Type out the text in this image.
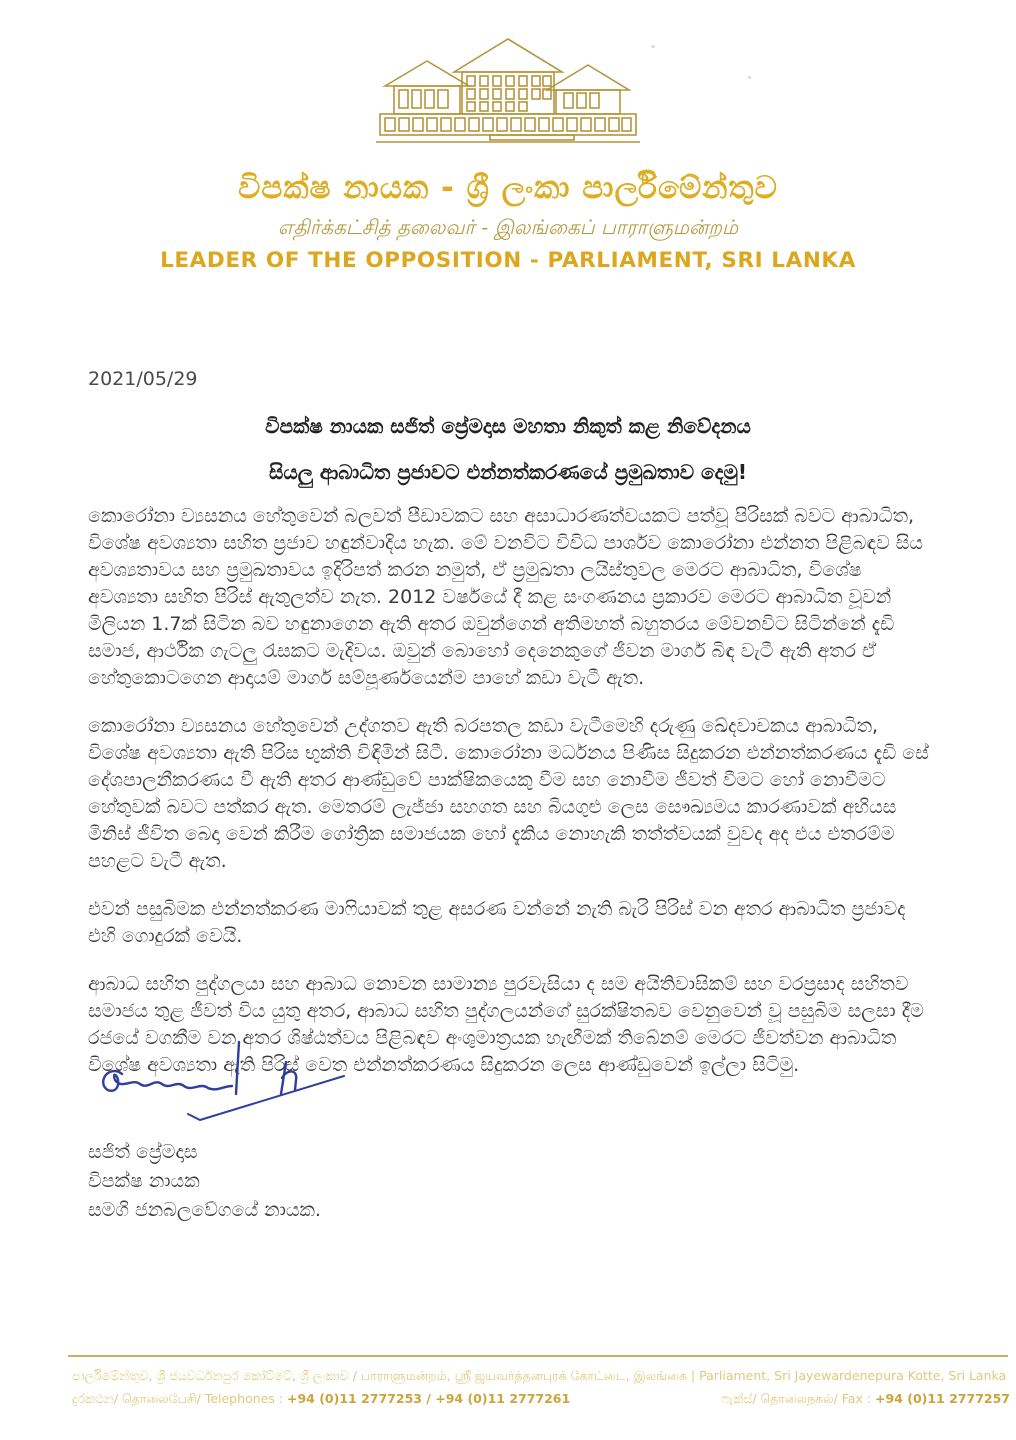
විපක්ෂ නායක - ශ්‍රී ලංකා පාර්ලිමේන්තුව
எதிர்க்கட்சித் தலைவர் - இலங்கைப் பாராளுமன்றம்
LEADER OF THE OPPOSITION - PARLIAMENT, SRI LANKA
2021/05/29
විපක්ෂ නායක සජිත් ප්‍රේමදාස මහතා නිකුත් කළ නිවේදනය
සියලු ආබාධිත ප්‍රජාවට එන්නත්කරණයේ ප්‍රමුඛතාව දෙමු!

කොරෝනා ව්‍යසනය හේතුවෙන් බලවත් පීඩාවකට සහ අසාධාරණත්වයකට පත්වූ පිරිසක් බවට ආබාධිත, විශේෂ අවශ්‍යතා සහිත ප්‍රජාව හඳුන්වාදිය හැක. මේ වනවිට විවිධ පාර්ශව කොරෝනා එන්නත පිළිබඳව සිය අවශ්‍යතාවය සහ ප්‍රමුඛතාවය ඉදිරිපත් කරන නමුත්, ඒ ප්‍රමුඛතා ලයිස්තුවල මෙරට ආබාධිත, විශේෂ අවශ්‍යතා සහිත පිරිස් ඇතුලත්ව නැත. 2012 වර්ෂයේ දී කළ සංගණනය ප්‍රකාරව මෙරට ආබාධිත වූවන් මිලියන 1.7ක් සිටින බව හඳුනාගෙන ඇති අතර ඔවුන්ගෙන් අතිමහත් බහුතරය මේවනවිට සිටින්නේ දැඩි සමාජ, ආර්ථික ගැටලු රැසකට මැදිවය. ඔවුන් බොහෝ දෙනෙකුගේ ජීවන මාර්ග බිඳ වැටී ඇති අතර ඒ හේතුකොටගෙන ආදායම් මාර්ග සම්පූර්ණයෙන්ම පාහේ කඩා වැටී ඇත.

කොරෝනා ව්‍යසනය හේතුවෙන් උද්ගතව ඇති බරපතල කඩා වැටීමෙහි දරුණු ඛේදවාචකය ආබාධිත, විශේෂ අවශ්‍යතා ඇති පිරිස භුක්ති විඳිමින් සිටී. කොරෝනා මර්ධනය පිණිස සිදුකරන එන්නත්කරණය දැඩි සේ දේශපාලනීකරණය වී ඇති අතර ආණ්ඩුවේ පාක්ෂිකයෙකු වීම සහ නොවීම ජීවත් වීමට හෝ නොවීමට හේතුවක් බවට පත්කර ඇත. මෙතරම් ලැජ්ජා සහගත සහ බියගුළු ලෙස සෞඛ්‍යමය කාරණාවක් අභියස මිනිස් ජීවිත බෙදා වෙන් කිරීම ගෝත්‍රික සමාජයක හෝ දැකිය නොහැකි තත්ත්වයක් වුවද අද එය එතරම්ම පහළට වැටී ඇත.

එවන් පසුබිමක එන්නත්කරණ මාෆියාවක් තුළ අසරණ වන්නේ නැති බැරි පිරිස් වන අතර ආබාධිත ප්‍රජාවද එහි ගොදුරක් වෙයි.

ආබාධ සහිත පුද්ගලයා සහ ආබාධ නොවන සාමාන්‍ය පුරවැසියා ද සම අයිතිවාසිකම් සහ වරප්‍රසාද සහිතව සමාජය තුළ ජීවත් විය යුතු අතර, ආබාධ සහිත පුද්ගලයන්ගේ සුරක්ෂිතබව වෙනුවෙන් වූ පසුබිම සලසා දීම රජයේ වගකීම වන අතර ශිෂ්ඨත්වය පිළිබඳව අංශුමාත්‍රයක හැඟීමක් තිබේනම් මෙරට ජීවත්වන ආබාධිත විශේෂ අවශ්‍යතා ඇති පිරිස් වෙත එන්නත්කරණය සිදුකරන ලෙස ආණ්ඩුවෙන් ඉල්ලා සිටිමු.

සජිත් ප්‍රේමදාස
විපක්ෂ නායක
සමගි ජනබලවේගයේ නායක.
පාර්ලිමේන්තුව, ශ්‍රී ජයවර්ධනපුර කෝට්ටේ, ශ්‍රී ලංකාව / பாராளுமன்றம், ஸ்ரீ ஜயவர்த்தனபுரக் கோட்டை, இலங்கை | Parliament, Sri Jayewardenepura Kotte, Sri Lanka
දුරකථන/ தொலைபேசி/ Telephones : +94 (0)11 2777253 / +94 (0)11 2777261	ෆැක්ස්/ தொலைநகல்/ Fax : +94 (0)11 2777257
